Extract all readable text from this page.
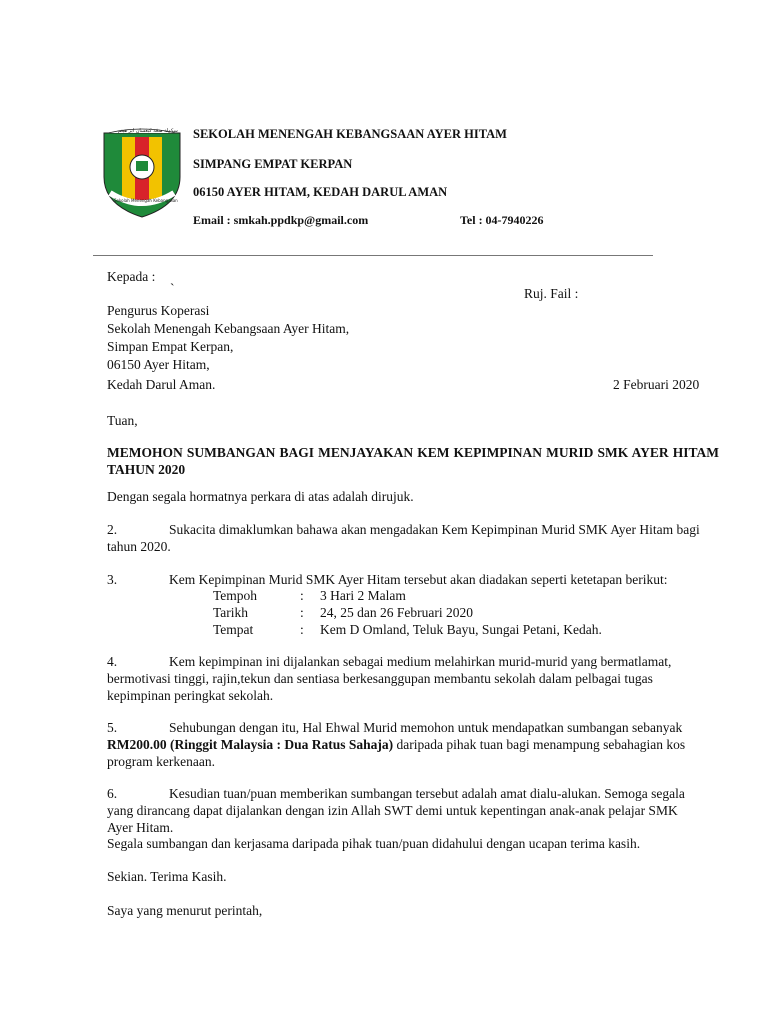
سكولة منڠه كبڠسان اير هيتم
Sekolah Menengah Kebangsaan
SEKOLAH MENENGAH KEBANGSAAN AYER HITAM
SIMPANG EMPAT KERPAN
06150 AYER HITAM, KEDAH DARUL AMAN
Email : smkah.ppdkp@gmail.com	Tel : 04-7940226
Kepada :
`	Ruj. Fail :
Pengurus Koperasi
Sekolah Menengah Kebangsaan Ayer Hitam,
Simpan Empat Kerpan,
06150 Ayer Hitam,
Kedah Darul Aman.	2 Februari 2020
Tuan,
MEMOHON SUMBANGAN BAGI MENJAYAKAN KEM KEPIMPINAN MURID SMK AYER HITAM TAHUN 2020
Dengan segala hormatnya perkara di atas adalah dirujuk.
2.	Sukacita dimaklumkan bahawa akan mengadakan Kem Kepimpinan Murid SMK Ayer Hitam bagi
tahun 2020.
3.	Kem Kepimpinan Murid SMK Ayer Hitam tersebut akan diadakan seperti ketetapan berikut:
Tempoh	: 3 Hari 2 Malam
Tarikh	: 24, 25 dan 26 Februari 2020
Tempat	: Kem D Omland, Teluk Bayu, Sungai Petani, Kedah.
4.	Kem kepimpinan ini dijalankan sebagai medium melahirkan murid-murid yang bermatlamat,
bermotivasi tinggi, rajin,tekun dan sentiasa berkesanggupan membantu sekolah dalam pelbagai tugas
kepimpinan peringkat sekolah.
5.	Sehubungan dengan itu, Hal Ehwal Murid memohon untuk mendapatkan sumbangan sebanyak
RM200.00 (Ringgit Malaysia : Dua Ratus Sahaja) daripada pihak tuan bagi menampung sebahagian kos
program kerkenaan.
6.	Kesudian tuan/puan memberikan sumbangan tersebut adalah amat dialu-alukan. Semoga segala
yang dirancang dapat dijalankan dengan izin Allah SWT demi untuk kepentingan anak-anak pelajar SMK
Ayer Hitam.
Segala sumbangan dan kerjasama daripada pihak tuan/puan didahului dengan ucapan terima kasih.
Sekian. Terima Kasih.
Saya yang menurut perintah,
